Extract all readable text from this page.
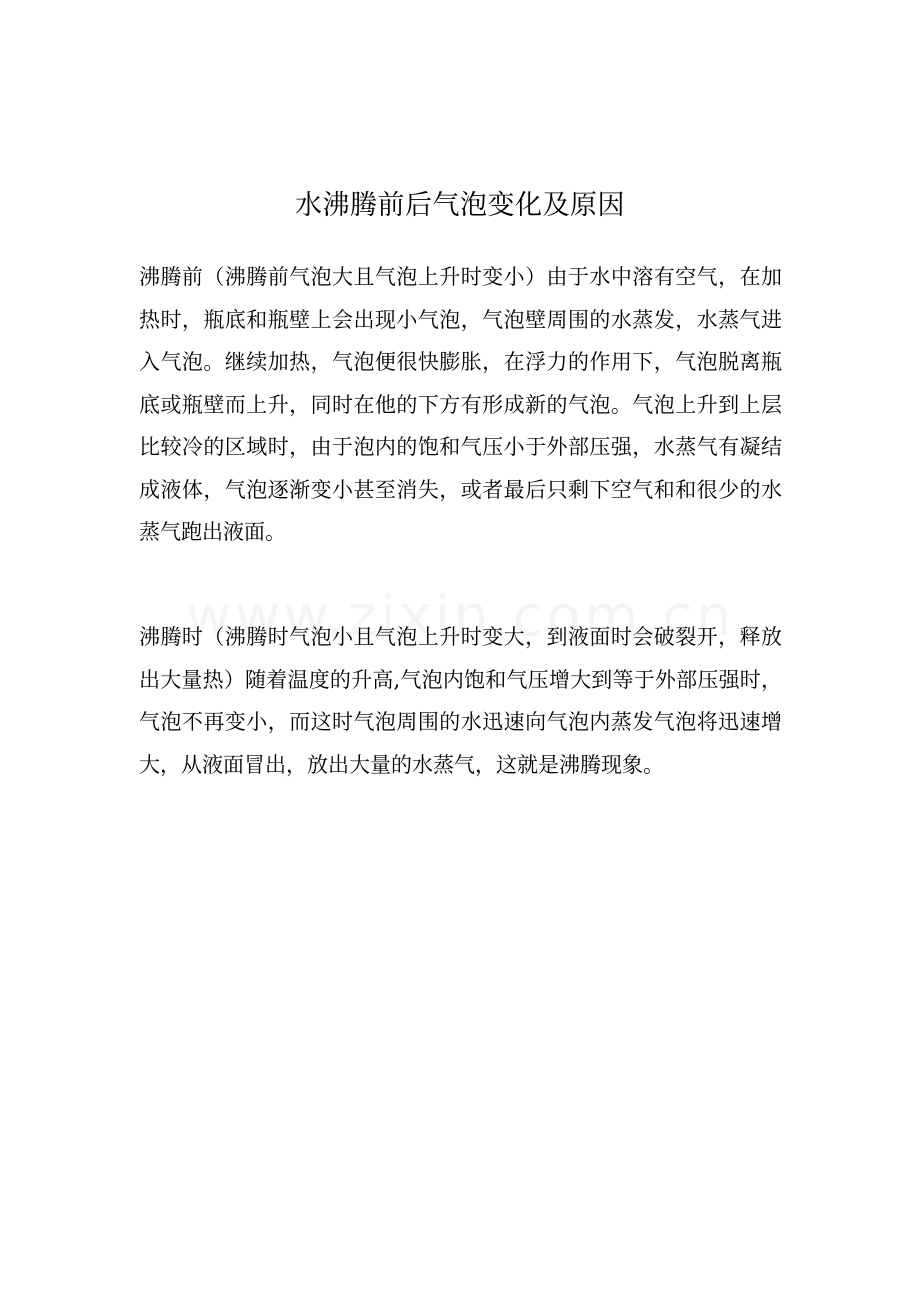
水沸腾前后气泡变化及原因

沸腾前（沸腾前气泡大且气泡上升时变小）由于水中溶有空气，在加热时，瓶底和瓶壁上会出现小气泡，气泡壁周围的水蒸发，水蒸气进入气泡。继续加热，气泡便很快膨胀，在浮力的作用下，气泡脱离瓶底或瓶壁而上升，同时在他的下方有形成新的气泡。气泡上升到上层比较冷的区域时，由于泡内的饱和气压小于外部压强，水蒸气有凝结成液体，气泡逐渐变小甚至消失，或者最后只剩下空气和和很少的水蒸气跑出液面。

沸腾时（沸腾时气泡小且气泡上升时变大，到液面时会破裂开，释放出大量热）随着温度的升高,气泡内饱和气压增大到等于外部压强时，气泡不再变小，而这时气泡周围的水迅速向气泡内蒸发气泡将迅速增大，从液面冒出，放出大量的水蒸气，这就是沸腾现象。
